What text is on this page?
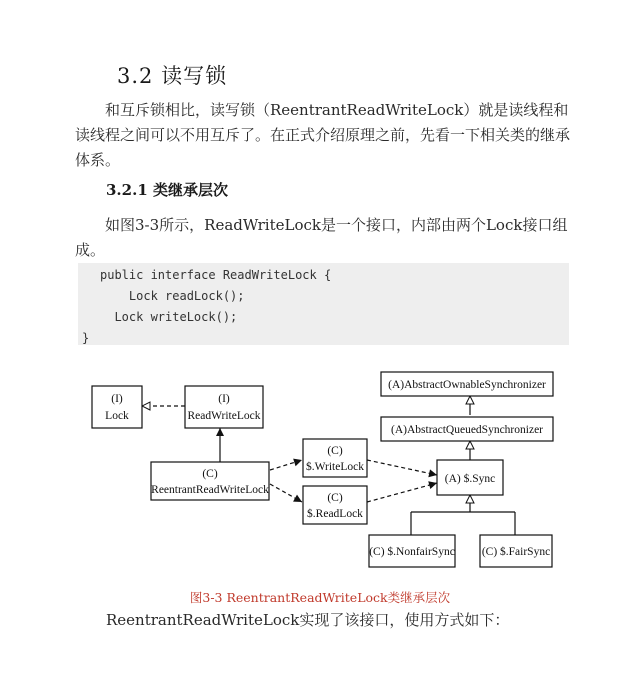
3.2 读写锁
和互斥锁相比，读写锁（ReentrantReadWriteLock）就是读线程和读线程之间可以不用互斥了。在正式介绍原理之前，先看一下相关类的继承体系。
3.2.1 类继承层次
如图3-3所示，ReadWriteLock是一个接口，内部由两个Lock接口组成。
public interface ReadWriteLock {
Lock readLock();
Lock writeLock();
}
(I)
Lock
(I)
ReadWriteLock
(C)
ReentrantReadWriteLock
(C)
$.WriteLock
(C)
$.ReadLock
(A)AbstractOwnableSynchronizer
(A)AbstractQueuedSynchronizer
(A) $.Sync
(C) $.NonfairSync (C) $.FairSync
图3-3 ReentrantReadWriteLock类继承层次
ReentrantReadWriteLock实现了该接口，使用方式如下：
